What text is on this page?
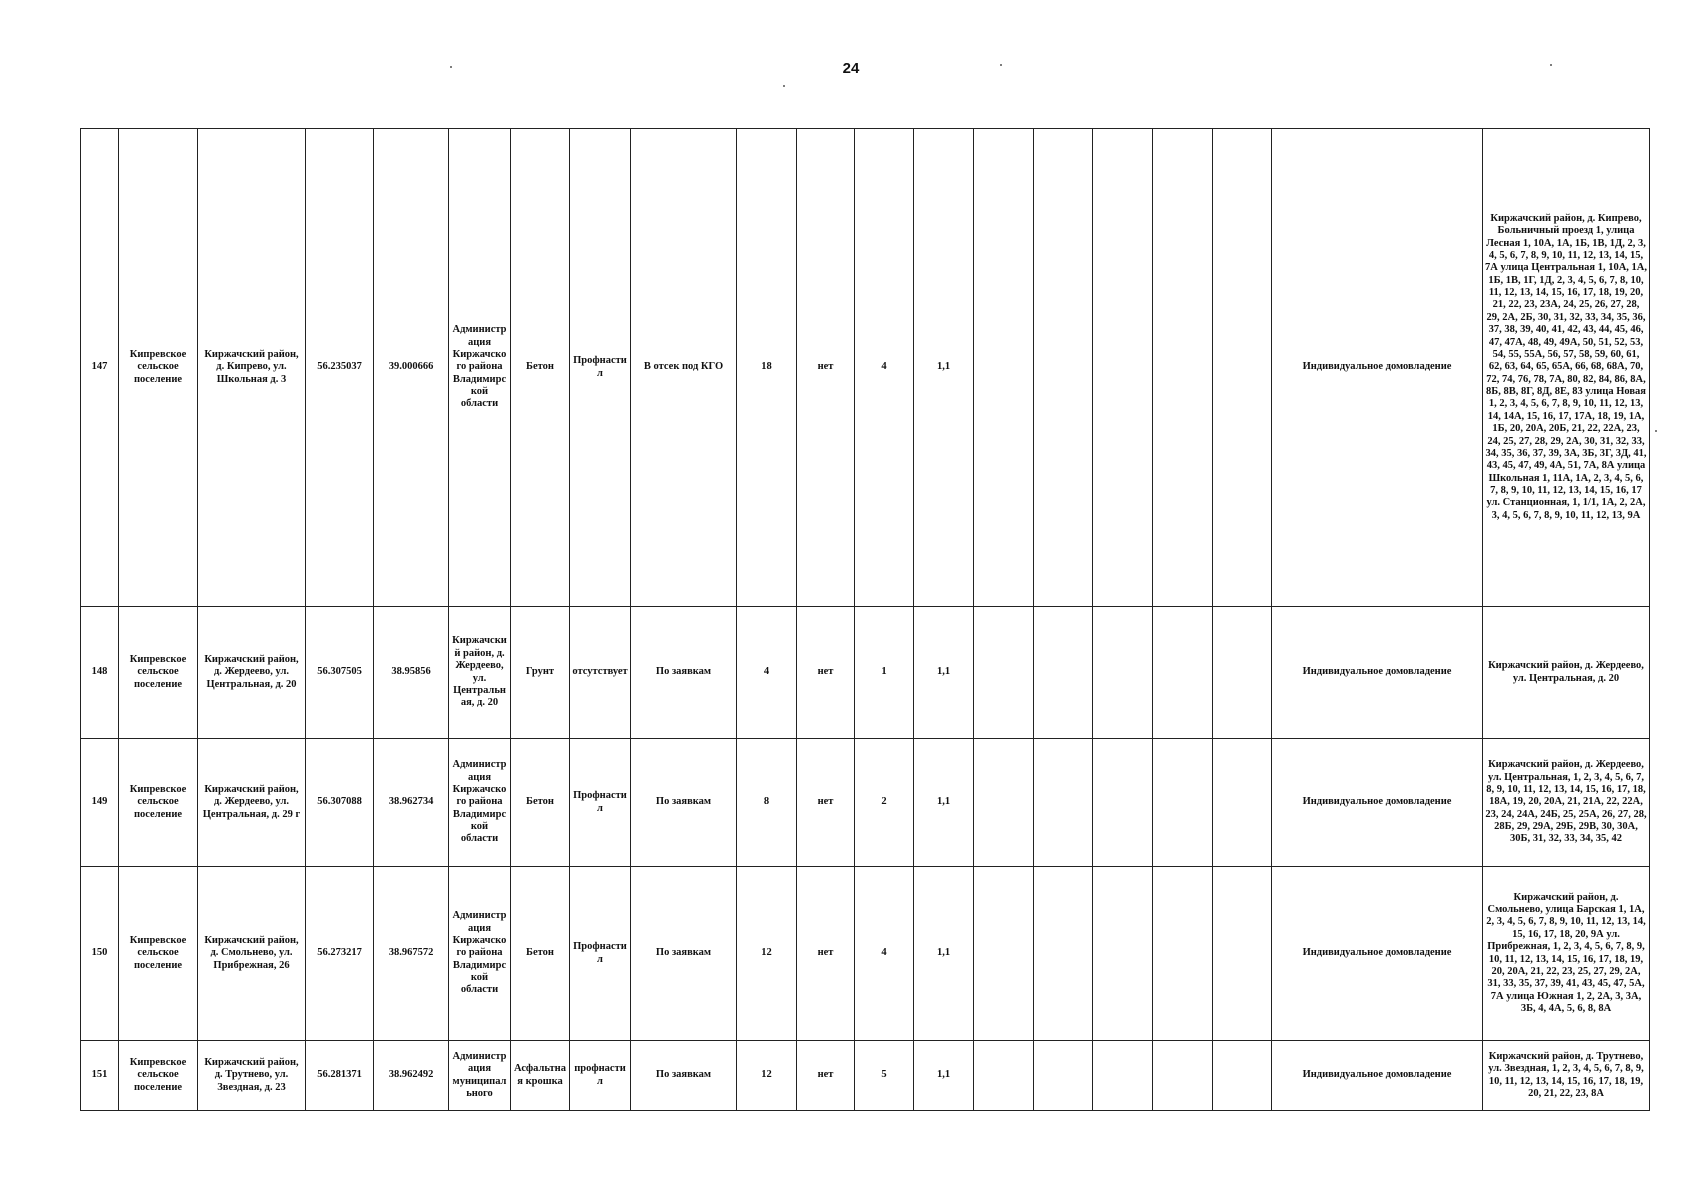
24
147	Кипревское сельское поселение	Киржачский район, д. Кипрево, ул. Школьная д. 3	56.235037	39.000666	Администрация Киржачского района Владимирской области	Бетон	Профнастил	В отсек под КГО	18	нет	4	1,1						Индивидуальное домовладение	Киржачский район, д. Кипрево, Больничный проезд 1, улица Лесная 1, 10А, 1А, 1Б, 1В, 1Д, 2, 3, 4, 5, 6, 7, 8, 9, 10, 11, 12, 13, 14, 15, 7А улица Центральная 1, 10А, 1А, 1Б, 1В, 1Г, 1Д, 2, 3, 4, 5, 6, 7, 8, 10, 11, 12, 13, 14, 15, 16, 17, 18, 19, 20, 21, 22, 23, 23А, 24, 25, 26, 27, 28, 29, 2А, 2Б, 30, 31, 32, 33, 34, 35, 36, 37, 38, 39, 40, 41, 42, 43, 44, 45, 46, 47, 47А, 48, 49, 49А, 50, 51, 52, 53, 54, 55, 55А, 56, 57, 58, 59, 60, 61, 62, 63, 64, 65, 65А, 66, 68, 68А, 70, 72, 74, 76, 78, 7А, 80, 82, 84, 86, 8А, 8Б, 8В, 8Г, 8Д, 8Е, 83 улица Новая 1, 2, 3, 4, 5, 6, 7, 8, 9, 10, 11, 12, 13, 14, 14А, 15, 16, 17, 17А, 18, 19, 1А, 1Б, 20, 20А, 20Б, 21, 22, 22А, 23, 24, 25, 27, 28, 29, 2А, 30, 31, 32, 33, 34, 35, 36, 37, 39, 3А, 3Б, 3Г, 3Д, 41, 43, 45, 47, 49, 4А, 51, 7А, 8А улица Школьная 1, 11А, 1А, 2, 3, 4, 5, 6, 7, 8, 9, 10, 11, 12, 13, 14, 15, 16, 17 ул. Станционная, 1, 1/1, 1А, 2, 2А, 3, 4, 5, 6, 7, 8, 9, 10, 11, 12, 13, 9А
148	Кипревское сельское поселение	Киржачский район, д. Жердеево, ул. Центральная, д. 20	56.307505	38.95856	Киржачский район, д. Жердеево, ул. Центральная, д. 20	Грунт	отсутствует	По заявкам	4	нет	1	1,1						Индивидуальное домовладение	Киржачский район, д. Жердеево, ул. Центральная, д. 20
149	Кипревское сельское поселение	Киржачский район, д. Жердеево, ул. Центральная, д. 29 г	56.307088	38.962734	Администрация Киржачского района Владимирской области	Бетон	Профнастил	По заявкам	8	нет	2	1,1						Индивидуальное домовладение	Киржачский район, д. Жердеево, ул. Центральная, 1, 2, 3, 4, 5, 6, 7, 8, 9, 10, 11, 12, 13, 14, 15, 16, 17, 18, 18А, 19, 20, 20А, 21, 21А, 22, 22А, 23, 24, 24А, 24Б, 25, 25А, 26, 27, 28, 28Б, 29, 29А, 29Б, 29В, 30, 30А, 30Б, 31, 32, 33, 34, 35, 42
150	Кипревское сельское поселение	Киржачский район, д. Смольнево, ул. Прибрежная, 26	56.273217	38.967572	Администрация Киржачского района Владимирской области	Бетон	Профнастил	По заявкам	12	нет	4	1,1						Индивидуальное домовладение	Киржачский район, д. Смольнево, улица Барская 1, 1А, 2, 3, 4, 5, 6, 7, 8, 9, 10, 11, 12, 13, 14, 15, 16, 17, 18, 20, 9А ул. Прибрежная, 1, 2, 3, 4, 5, 6, 7, 8, 9, 10, 11, 12, 13, 14, 15, 16, 17, 18, 19, 20, 20А, 21, 22, 23, 25, 27, 29, 2А, 31, 33, 35, 37, 39, 41, 43, 45, 47, 5А, 7А улица Южная 1, 2, 2А, 3, 3А, 3Б, 4, 4А, 5, 6, 8, 8А
151	Кипревское сельское поселение	Киржачский район, д. Трутнево, ул. Звездная, д. 23	56.281371	38.962492	Администрация муниципального	Асфальтная крошка	профнастил	По заявкам	12	нет	5	1,1						Индивидуальное домовладение	Киржачский район, д. Трутнево, ул. Звездная, 1, 2, 3, 4, 5, 6, 7, 8, 9, 10, 11, 12, 13, 14, 15, 16, 17, 18, 19, 20, 21, 22, 23, 8А
